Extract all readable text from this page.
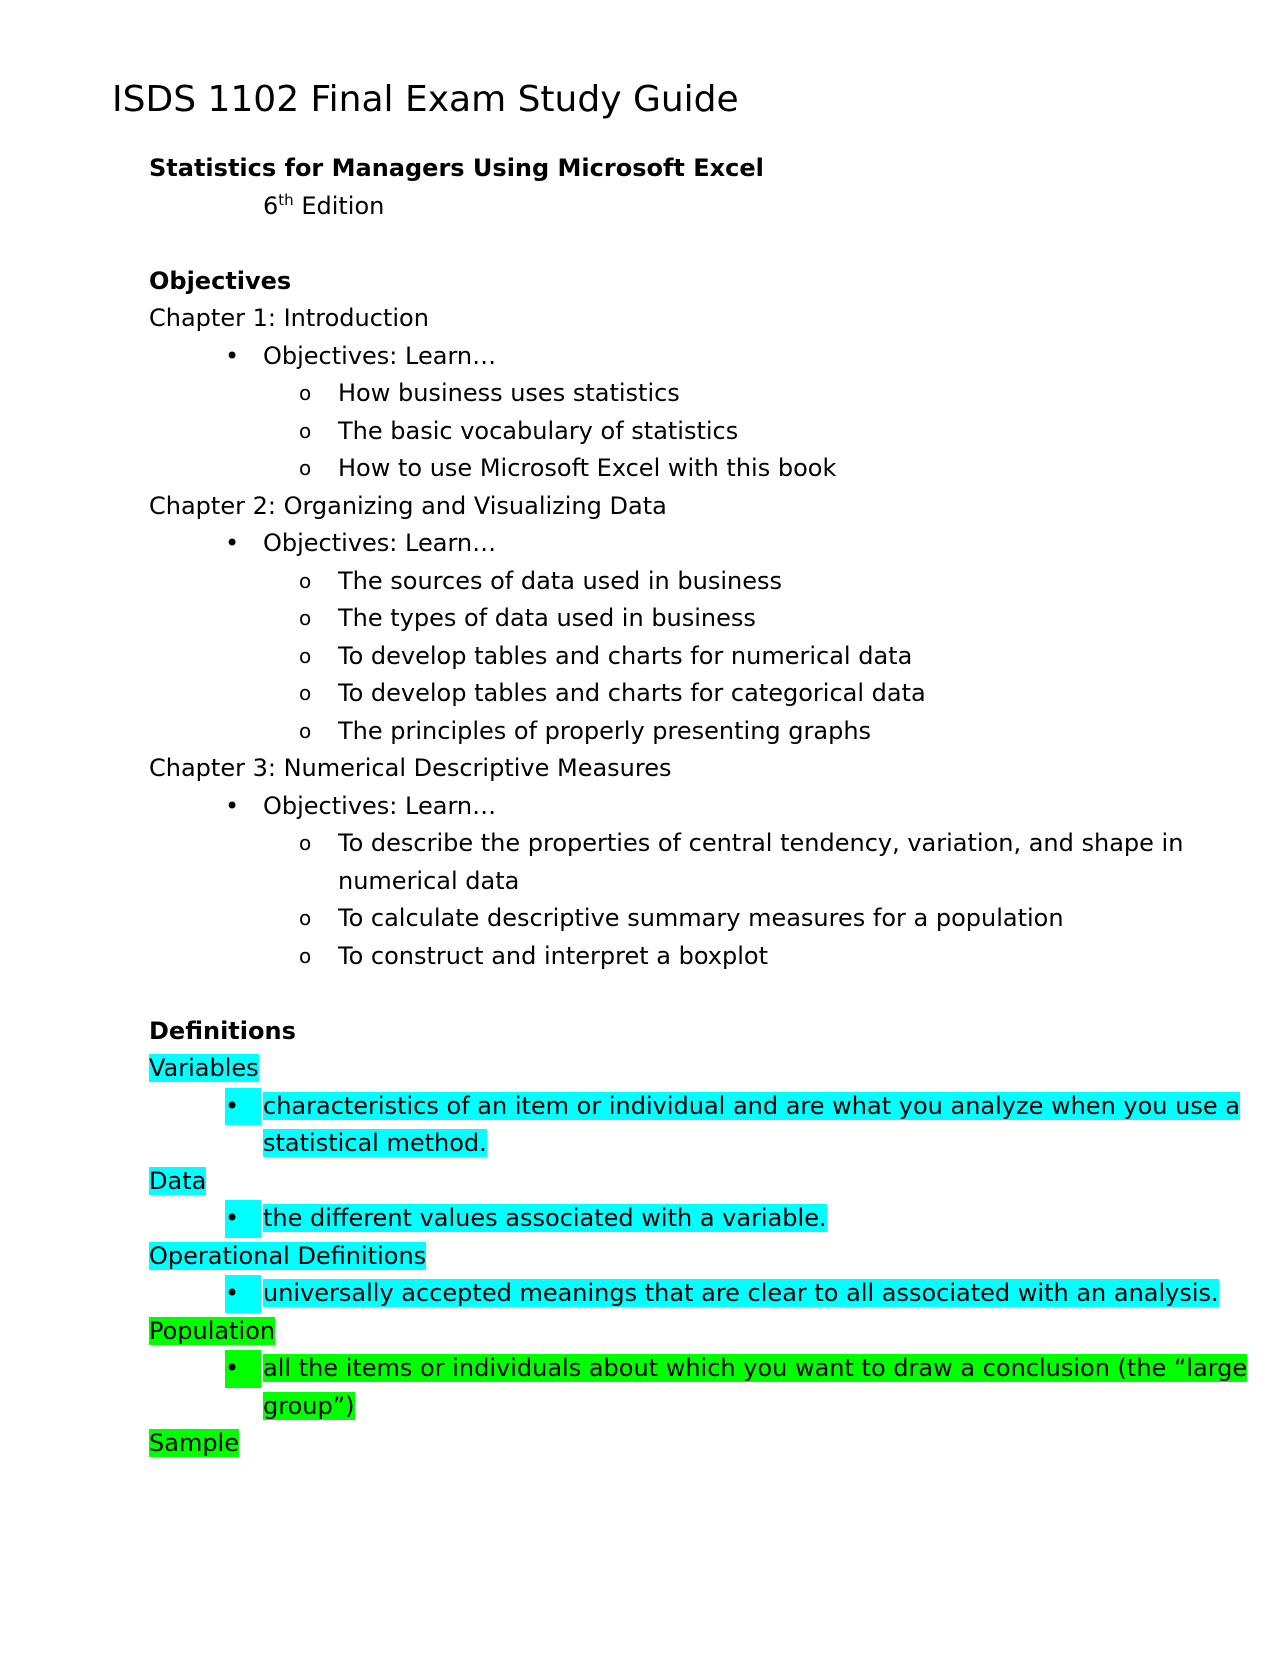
ISDS 1102 Final Exam Study Guide
Statistics for Managers Using Microsoft Excel
6th Edition
Objectives
Chapter 1: Introduction
• Objectives: Learn…
o How business uses statistics
o The basic vocabulary of statistics
o How to use Microsoft Excel with this book
Chapter 2: Organizing and Visualizing Data
• Objectives: Learn…
o The sources of data used in business
o The types of data used in business
o To develop tables and charts for numerical data
o To develop tables and charts for categorical data
o The principles of properly presenting graphs
Chapter 3: Numerical Descriptive Measures
• Objectives: Learn…
o To describe the properties of central tendency, variation, and shape in numerical data
o To calculate descriptive summary measures for a population
o To construct and interpret a boxplot
Definitions
Variables
• characteristics of an item or individual and are what you analyze when you use a statistical method.
Data
• the different values associated with a variable.
Operational Definitions
• universally accepted meanings that are clear to all associated with an analysis.
Population
• all the items or individuals about which you want to draw a conclusion (the “large group”)
Sample
